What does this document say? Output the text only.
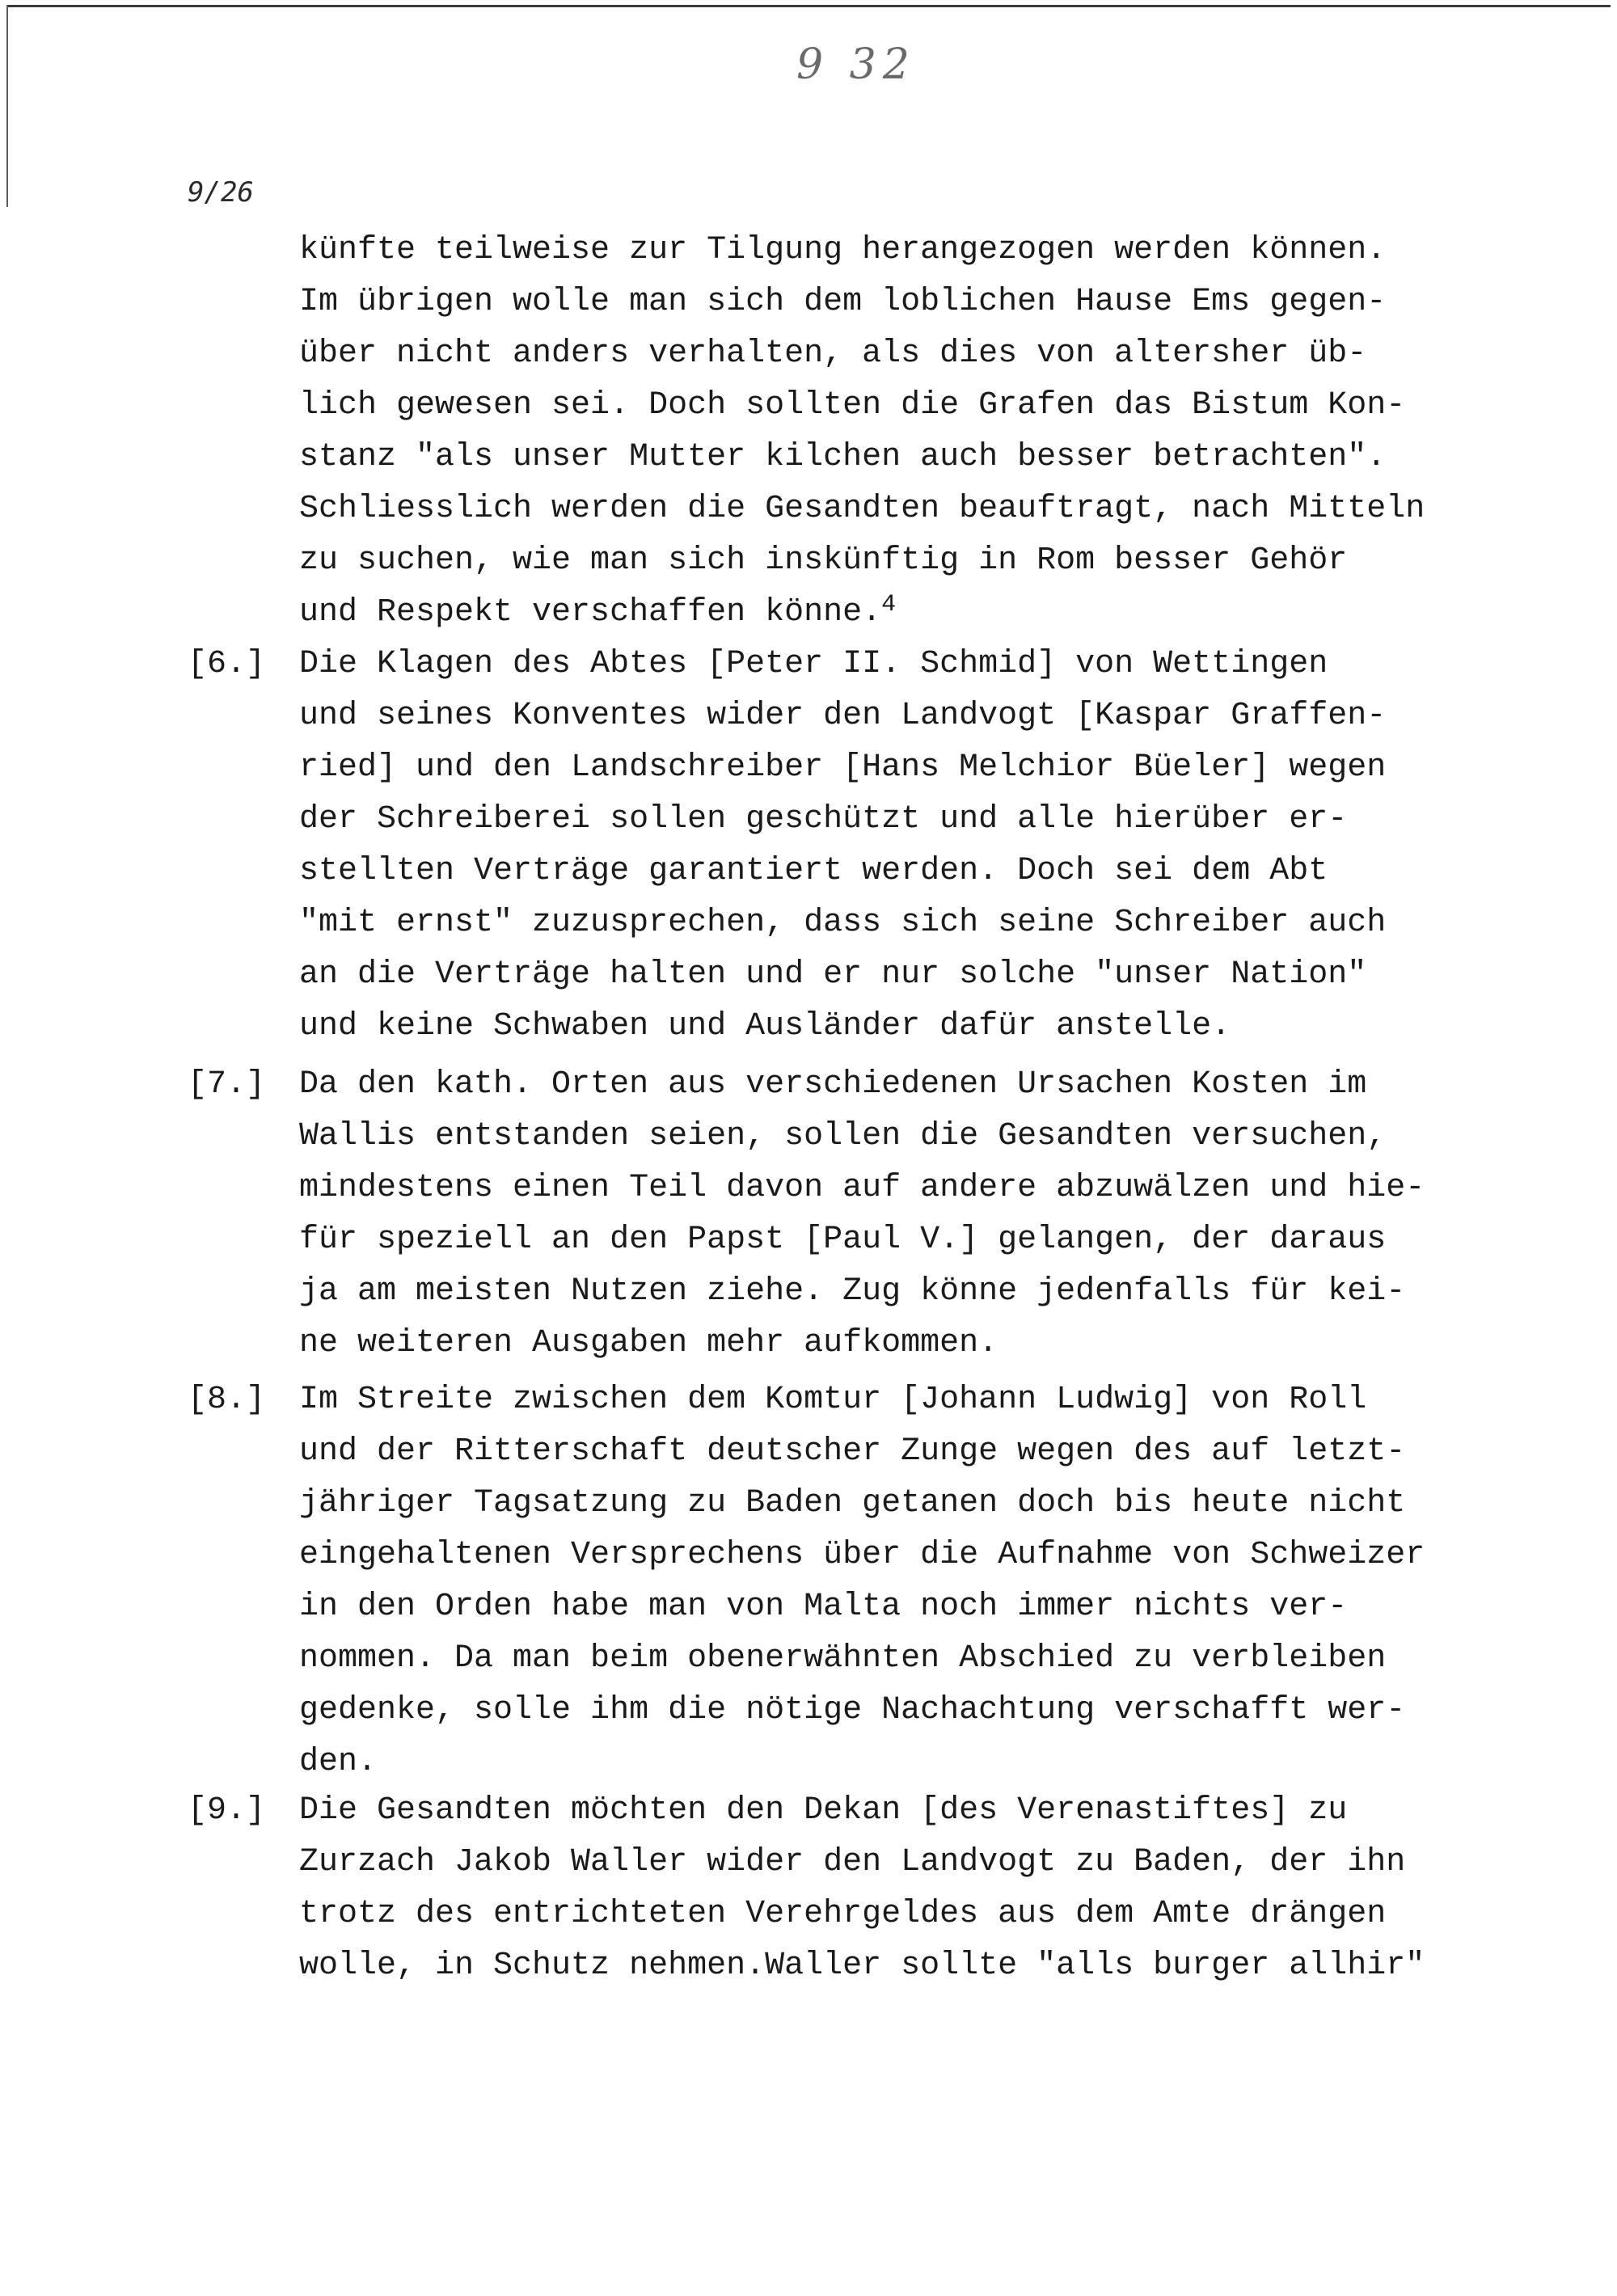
9 32
9/26
künfte teilweise zur Tilgung herangezogen werden können.
Im übrigen wolle man sich dem loblichen Hause Ems gegen-
über nicht anders verhalten, als dies von altersher üb-
lich gewesen sei. Doch sollten die Grafen das Bistum Kon-
stanz "als unser Mutter kilchen auch besser betrachten".
Schliesslich werden die Gesandten beauftragt, nach Mitteln
zu suchen, wie man sich inskünftig in Rom besser Gehör
und Respekt verschaffen könne.$^4$
[6.] Die Klagen des Abtes [Peter II. Schmid] von Wettingen
und seines Konventes wider den Landvogt [Kaspar Graffen-
ried] und den Landschreiber [Hans Melchior Büeler] wegen
der Schreiberei sollen geschützt und alle hierüber er-
stellten Verträge garantiert werden. Doch sei dem Abt
"mit ernst" zuzusprechen, dass sich seine Schreiber auch
an die Verträge halten und er nur solche "unser Nation"
und keine Schwaben und Ausländer dafür anstelle.
[7.] Da den kath. Orten aus verschiedenen Ursachen Kosten im
Wallis entstanden seien, sollen die Gesandten versuchen,
mindestens einen Teil davon auf andere abzuwälzen und hie-
für speziell an den Papst [Paul V.] gelangen, der daraus
ja am meisten Nutzen ziehe. Zug könne jedenfalls für kei-
ne weiteren Ausgaben mehr aufkommen.
[8.] Im Streite zwischen dem Komtur [Johann Ludwig] von Roll
und der Ritterschaft deutscher Zunge wegen des auf letzt-
jähriger Tagsatzung zu Baden getanen doch bis heute nicht
eingehaltenen Versprechens über die Aufnahme von Schweizer
in den Orden habe man von Malta noch immer nichts ver-
nommen. Da man beim obenerwähnten Abschied zu verbleiben
gedenke, solle ihm die nötige Nachachtung verschafft wer-
den.
[9.] Die Gesandten möchten den Dekan [des Verenastiftes] zu
Zurzach Jakob Waller wider den Landvogt zu Baden, der ihn
trotz des entrichteten Verehrgeldes aus dem Amte drängen
wolle, in Schutz nehmen.Waller sollte "alls burger allhir"
